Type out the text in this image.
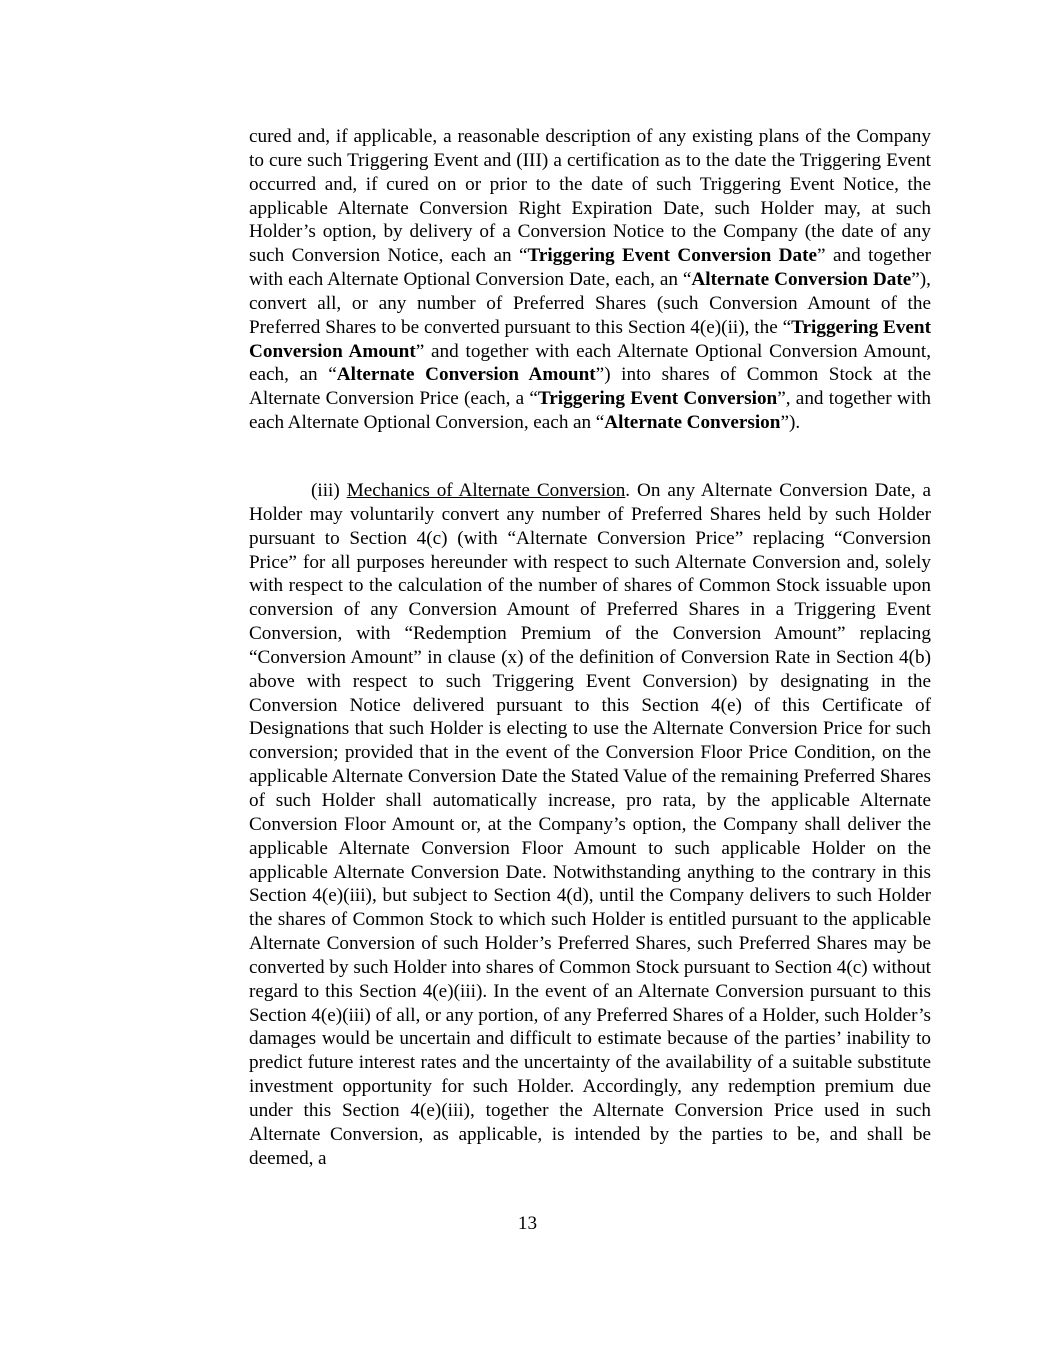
cured and, if applicable, a reasonable description of any existing plans of the Company to cure such Triggering Event and (III) a certification as to the date the Triggering Event occurred and, if cured on or prior to the date of such Triggering Event Notice, the applicable Alternate Conversion Right Expiration Date, such Holder may, at such Holder’s option, by delivery of a Conversion Notice to the Company (the date of any such Conversion Notice, each an “Triggering Event Conversion Date” and together with each Alternate Optional Conversion Date, each, an “Alternate Conversion Date”), convert all, or any number of Preferred Shares (such Conversion Amount of the Preferred Shares to be converted pursuant to this Section 4(e)(ii), the “Triggering Event Conversion Amount” and together with each Alternate Optional Conversion Amount, each, an “Alternate Conversion Amount”) into shares of Common Stock at the Alternate Conversion Price (each, a “Triggering Event Conversion”, and together with each Alternate Optional Conversion, each an “Alternate Conversion”).

(iii) Mechanics of Alternate Conversion. On any Alternate Conversion Date, a Holder may voluntarily convert any number of Preferred Shares held by such Holder pursuant to Section 4(c) (with “Alternate Conversion Price” replacing “Conversion Price” for all purposes hereunder with respect to such Alternate Conversion and, solely with respect to the calculation of the number of shares of Common Stock issuable upon conversion of any Conversion Amount of Preferred Shares in a Triggering Event Conversion, with “Redemption Premium of the Conversion Amount” replacing “Conversion Amount” in clause (x) of the definition of Conversion Rate in Section 4(b) above with respect to such Triggering Event Conversion) by designating in the Conversion Notice delivered pursuant to this Section 4(e) of this Certificate of Designations that such Holder is electing to use the Alternate Conversion Price for such conversion; provided that in the event of the Conversion Floor Price Condition, on the applicable Alternate Conversion Date the Stated Value of the remaining Preferred Shares of such Holder shall automatically increase, pro rata, by the applicable Alternate Conversion Floor Amount or, at the Company’s option, the Company shall deliver the applicable Alternate Conversion Floor Amount to such applicable Holder on the applicable Alternate Conversion Date. Notwithstanding anything to the contrary in this Section 4(e)(iii), but subject to Section 4(d), until the Company delivers to such Holder the shares of Common Stock to which such Holder is entitled pursuant to the applicable Alternate Conversion of such Holder’s Preferred Shares, such Preferred Shares may be converted by such Holder into shares of Common Stock pursuant to Section 4(c) without regard to this Section 4(e)(iii). In the event of an Alternate Conversion pursuant to this Section 4(e)(iii) of all, or any portion, of any Preferred Shares of a Holder, such Holder’s damages would be uncertain and difficult to estimate because of the parties’ inability to predict future interest rates and the uncertainty of the availability of a suitable substitute investment opportunity for such Holder. Accordingly, any redemption premium due under this Section 4(e)(iii), together the Alternate Conversion Price used in such Alternate Conversion, as applicable, is intended by the parties to be, and shall be deemed, a

13
